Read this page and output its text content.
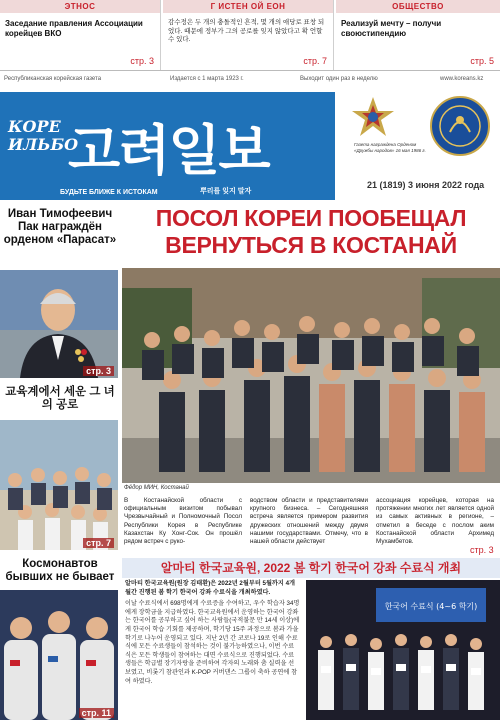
ЭТНОС
Заседание правления Ассоциации корейцев ВКО
стр. 3
Г ИСТЕН ОЙ ЕОН
감수정은 두 개의 충돌적인 흔적, 몇 개의 애당로 표창 되었다. 때문에 정부가 그의 공로를 잊지 않았다고 확 언할 수 있다.
стр. 7
ОБЩЕСТВО
Реализуй мечту – получи своюстипендию
стр. 5
Республиканская корейская газета	Издается с 1 марта 1923 г.	Выходит один раз в неделю	www.koreans.kz
КОРЕ
ИЛЬБО
고려일보
БУДЬТЕ БЛИЖЕ К ИСТОКАМ	뿌리를 잊지 말자
Газета награждена Орденом «Дружбы народов» 16 мая 1986 г.
21 (1819) 3 июня 2022 года
Иван Тимофеевич Пак награждён орденом «Парасат»
стр. 3
교육계에서 세운 그 녀의 공로
стр. 7
Космонавтов бывших не бывает
стр. 11
ПОСОЛ КОРЕИ ПООБЕЩАЛ ВЕРНУТЬСЯ В КОСТАНАЙ
Фёдор МИН, Костанай
В Костанайской области с официальным визитом побывал Чрезвычайный и Полномочный Посол Республики Корея в Республике Казахстан Ку Хонг-Сок. Он прошёл рядом встреч с руко-
водством области и представителями крупного бизнеса. – Сегодняшняя встреча является примером развития дружеских отношений между двумя нашими государствами. Отмечу, что в нашей области действует
ассоциация корейцев, которая на протяжении многих лет является одной из самых активных в регионе, – отметил в беседе с послом аким Костанайской области Архимед Мухамбетов.
стр. 3
알마티 한국교육원, 2022 봄 학기 한국어 강좌 수료식 개최
알마티 한국교육원(원장 김태환)은 2022년 2월부터 5월까지 4개월간 진행된 봄 학기 한국어 강좌 수료식을 개최하였다.
이날 수료식에서 698명에게 수료증을 수여하고, 우수 학습자 34명에게 장학금을 지급하였다. 한국교육원에서 운영하는 한국어 강좌는 한국어를 공부하고 싶어 하는 사람들(국적불문 만 14세 이상)에게 한국어 학습 기회를 제공하며, 학기당 15주 과정으로 봄과 가을 학기로 나누어 운영되고 있다. 지난 2년 간 코로나 19로 인해 수료식에 모든 수료생들이 참석하는 것이 불가능하였으나, 이번 수료식은 모든 학생들이 참여하는 대면 수료식으로 진행되었다. 수료생들은 학급별 장기자랑을 준비하여 각자의 노래와 춤 실력을 선보였고, 비롯기 참관인과 K-POP 커버댄스 그룹이 축하 공연에 참여 하였다.
한국어 수료식 (4~6 학기)
